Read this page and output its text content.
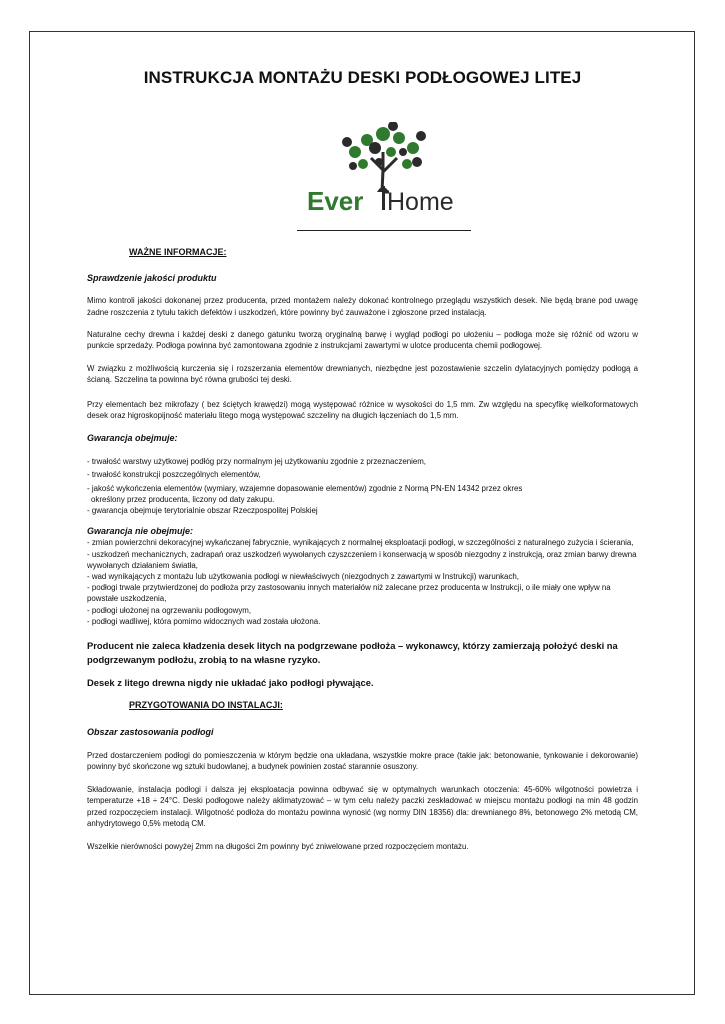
INSTRUKCJA MONTAŻU DESKI PODŁOGOWEJ LITEJ
Ever Home
WAŻNE INFORMACJE:
Sprawdzenie jakości produktu

Mimo kontroli jakości dokonanej przez producenta, przed montażem należy dokonać kontrolnego przeglądu wszystkich desek. Nie będą brane pod uwagę żadne roszczenia z tytułu takich defektów i uszkodzeń, które powinny być zauważone i zgłoszone przed instalacją.

Naturalne cechy drewna i każdej deski z danego gatunku tworzą oryginalną barwę i wygląd podłogi po ułożeniu – podłoga może się różnić od wzoru w punkcie sprzedaży. Podłoga powinna być zamontowana zgodnie z instrukcjami zawartymi w ulotce producenta chemii podłogowej.

W związku z możliwością kurczenia się i rozszerzania elementów drewnianych, niezbędne jest pozostawienie szczelin dylatacyjnych pomiędzy podłogą a ścianą. Szczelina ta powinna być równa grubości tej deski.

Przy elementach bez mikrofazy ( bez ściętych krawędzi) mogą występować różnice w wysokości do 1,5 mm. Zw względu na specyfikę wielkoformatowych desek oraz higroskopijność materiału litego mogą występować szczeliny na długich łączeniach do 1,5 mm.

Gwarancja obejmuje:
- trwałość warstwy użytkowej podłóg przy normalnym jej użytkowaniu zgodnie z przeznaczeniem,
- trwałość konstrukcji poszczególnych elementów,
- jakość wykończenia elementów (wymiary, wzajemne dopasowanie elementów) zgodnie z Normą PN-EN 14342 przez okres
określony przez producenta, liczony od daty zakupu.
- gwarancja obejmuje terytorialnie obszar Rzeczpospolitej Polskiej
Gwarancja nie obejmuje:
- zmian powierzchni dekoracyjnej wykańczanej fabrycznie, wynikających z normalnej eksploatacji podłogi, w szczególności z naturalnego zużycia i ścierania,
- uszkodzeń mechanicznych, zadrapań oraz uszkodzeń wywołanych czyszczeniem i konserwacją w sposób niezgodny z instrukcją, oraz zmian barwy drewna wywołanych działaniem światła,
- wad wynikających z montażu lub użytkowania podłogi w niewłaściwych (niezgodnych z zawartymi w Instrukcji) warunkach,
- podłogi trwale przytwierdzonej do podłoża przy zastosowaniu innych materiałów niż zalecane przez producenta w Instrukcji, o ile miały one wpływ na powstałe uszkodzenia,
- podłogi ułożonej na ogrzewaniu podłogowym,
- podłogi wadliwej, która pomimo widocznych wad została ułożona.

Producent nie zaleca kładzenia desek litych na podgrzewane podłoża – wykonawcy, którzy zamierzają położyć deski na podgrzewanym podłożu, zrobią to na własne ryzyko.

Desek z litego drewna nigdy nie układać jako podłogi pływające.

PRZYGOTOWANIA DO INSTALACJI:
Obszar zastosowania podłogi

Przed dostarczeniem podłogi do pomieszczenia w którym będzie ona układana, wszystkie mokre prace (takie jak: betonowanie, tynkowanie i dekorowanie) powinny być skończone wg sztuki budowlanej, a budynek powinien zostać starannie osuszony.

Składowanie, instalacja podłogi i dalsza jej eksploatacja powinna odbywać się w optymalnych warunkach otoczenia: 45-60% wilgotności powietrza i temperaturze +18 ÷ 24°C. Deski podłogowe należy aklimatyzować – w tym celu należy paczki zeskładować w miejscu montażu podłogi na min 48 godzin przed rozpoczęciem instalacji. Wilgotność podłoża do montażu powinna wynosić (wg normy DIN 18356) dla: drewnianego 8%, betonowego 2% metodą CM, anhydrytowego 0,5% metodą CM.

Wszelkie nierówności powyżej 2mm na długości 2m powinny być zniwelowane przed rozpoczęciem montażu.
